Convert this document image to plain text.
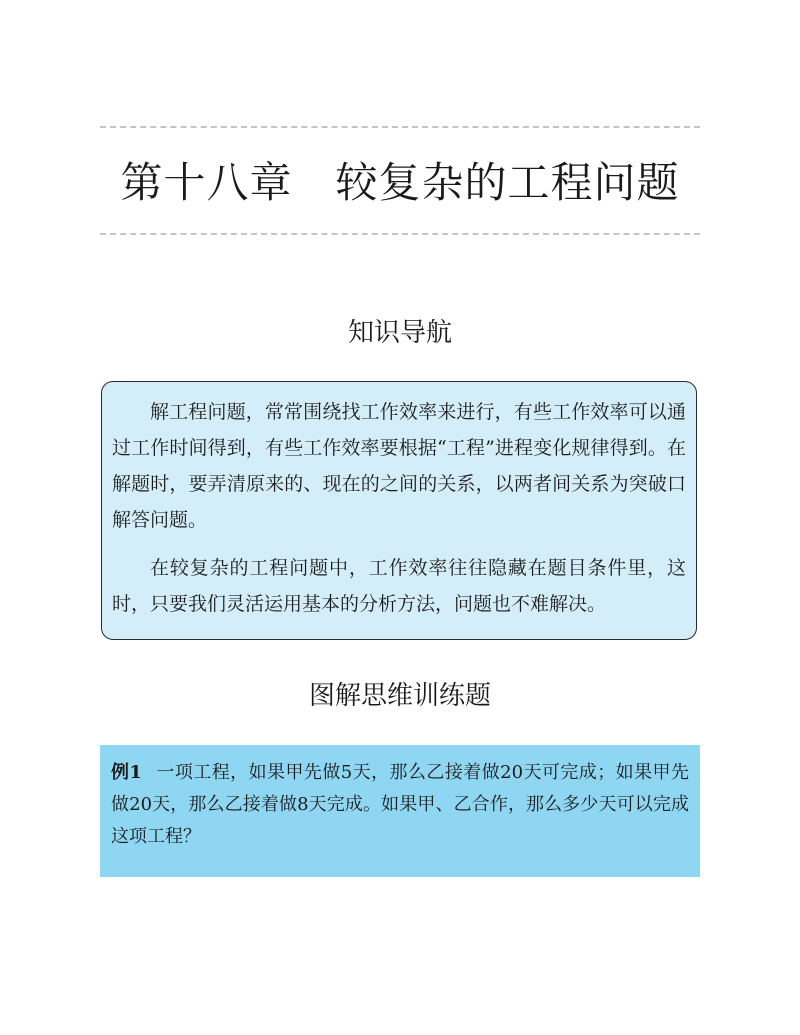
第十八章　较复杂的工程问题
知识导航

解工程问题，常常围绕找工作效率来进行，有些工作效率可以通过工作时间得到，有些工作效率要根据“工程”进程变化规律得到。在解题时，要弄清原来的、现在的之间的关系，以两者间关系为突破口解答问题。

在较复杂的工程问题中，工作效率往往隐藏在题目条件里，这时，只要我们灵活运用基本的分析方法，问题也不难解决。

图解思维训练题

例1 一项工程，如果甲先做5天，那么乙接着做20天可完成；如果甲先做20天，那么乙接着做8天完成。如果甲、乙合作，那么多少天可以完成这项工程？
